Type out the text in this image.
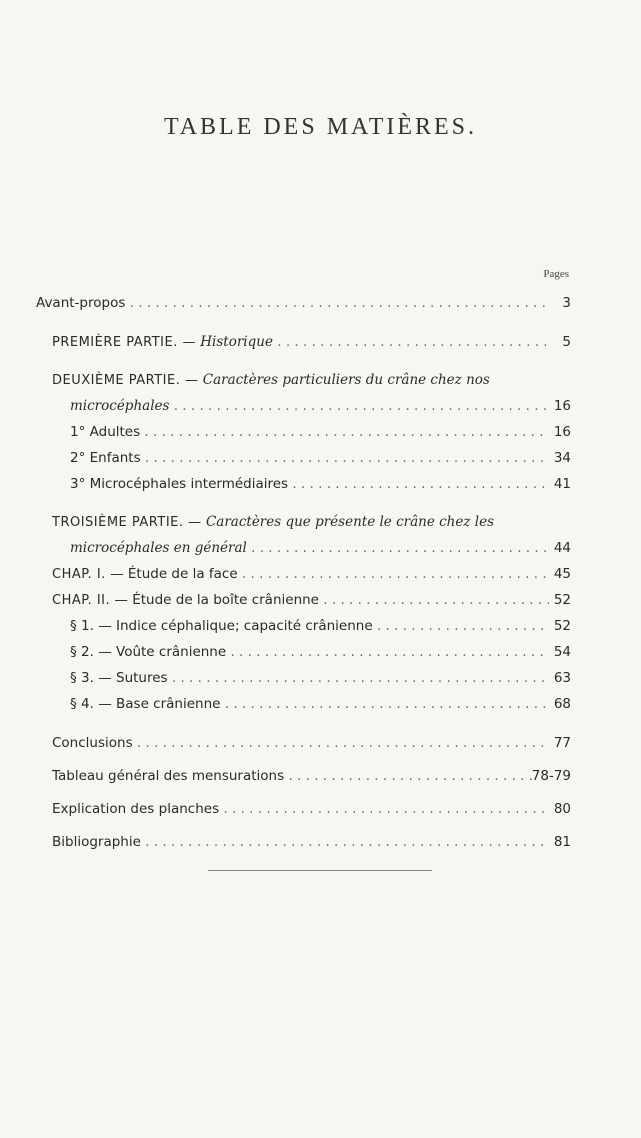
TABLE DES MATIÈRES.
Pages
Avant-propos . . .	3
PREMIÈRE PARTIE. — Historique . . .	5
DEUXIÈME PARTIE. — Caractères particuliers du crâne chez nos
microcéphales . . .	16
1° Adultes . . .	16
2° Enfants . . .	34
3° Microcéphales intermédiaires . . .	41
TROISIÈME PARTIE. — Caractères que présente le crâne chez les
microcéphales en général . . .	44
CHAP. I. — Étude de la face . . .	45
CHAP. II. — Étude de la boîte crânienne . . .	52
§ 1. — Indice céphalique; capacité crânienne . . .	52
§ 2. — Voûte crânienne . . .	54
§ 3. — Sutures . . .	63
§ 4. — Base crânienne . . .	68
Conclusions . . .	77
Tableau général des mensurations . . .	78-79
Explication des planches . . .	80
Bibliographie . . .	81
